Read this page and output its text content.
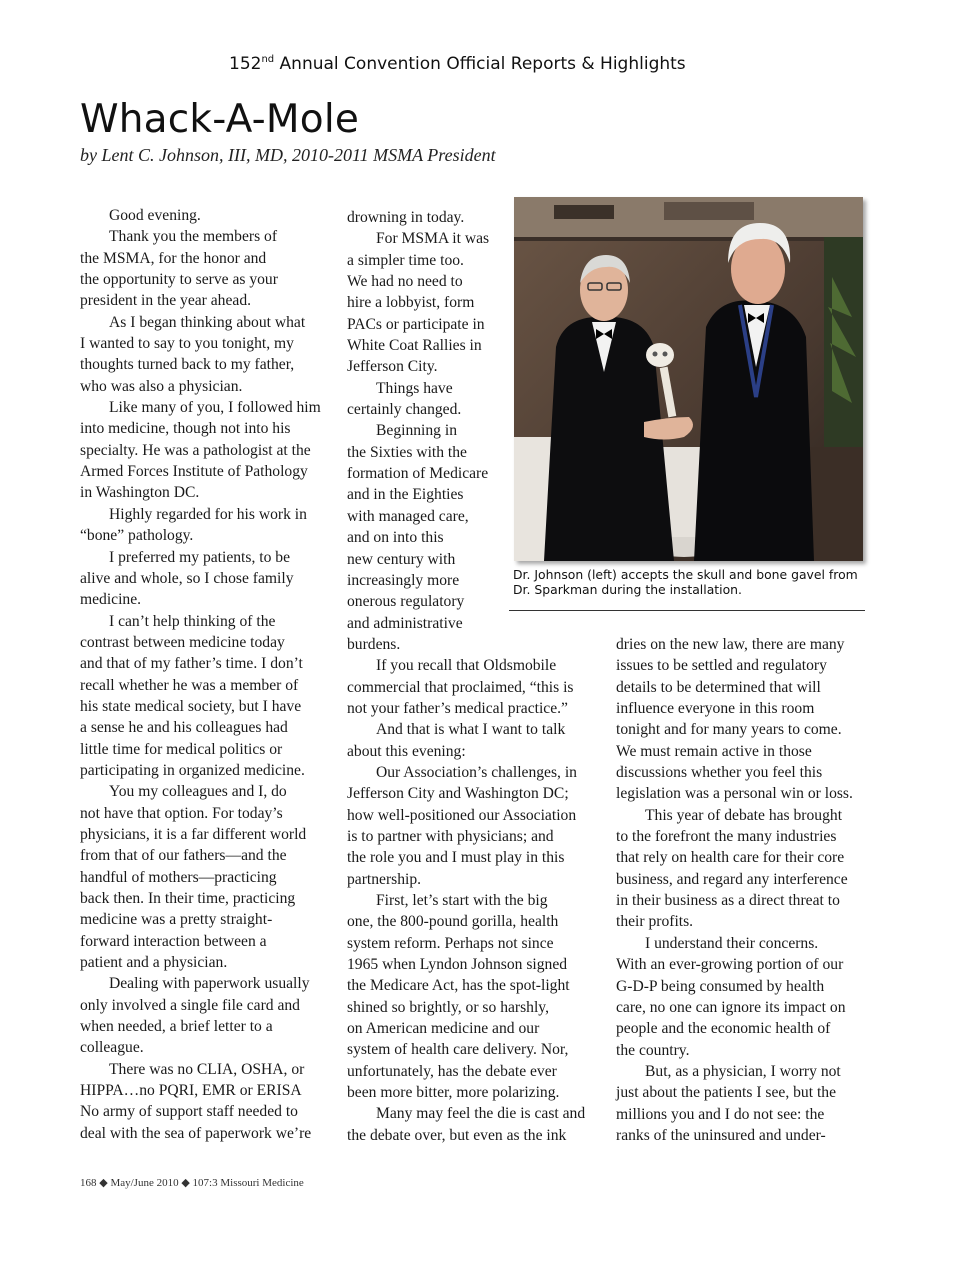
152nd Annual Convention Official Reports & Highlights
Whack-A-Mole
by Lent C. Johnson, III, MD, 2010-2011 MSMA President
Good evening.
Thank you the members of
the MSMA, for the honor and
the opportunity to serve as your
president in the year ahead.
As I began thinking about what
I wanted to say to you tonight, my
thoughts turned back to my father,
who was also a physician.
Like many of you, I followed him
into medicine, though not into his
specialty. He was a pathologist at the
Armed Forces Institute of Pathology
in Washington DC.
Highly regarded for his work in
“bone” pathology.
I preferred my patients, to be
alive and whole, so I chose family
medicine.
I can’t help thinking of the
contrast between medicine today
and that of my father’s time. I don’t
recall whether he was a member of
his state medical society, but I have
a sense he and his colleagues had
little time for medical politics or
participating in organized medicine.
You my colleagues and I, do
not have that option. For today’s
physicians, it is a far different world
from that of our fathers—and the
handful of mothers—practicing
back then. In their time, practicing
medicine was a pretty straight-
forward interaction between a
patient and a physician.
Dealing with paperwork usually
only involved a single file card and
when needed, a brief letter to a
colleague.
There was no CLIA, OSHA, or
HIPPA…no PQRI, EMR or ERISA
No army of support staff needed to
deal with the sea of paperwork we’re
drowning in today.
For MSMA it was
a simpler time too.
We had no need to
hire a lobbyist, form
PACs or participate in
White Coat Rallies in
Jefferson City.
Things have
certainly changed.
Beginning in
the Sixties with the
formation of Medicare
and in the Eighties
with managed care,
and on into this
new century with
increasingly more
onerous regulatory
and administrative
burdens.
If you recall that Oldsmobile
commercial that proclaimed, “this is
not your father’s medical practice.”
And that is what I want to talk
about this evening:
Our Association’s challenges, in
Jefferson City and Washington DC;
how well-positioned our Association
is to partner with physicians; and
the role you and I must play in this
partnership.
First, let’s start with the big
one, the 800-pound gorilla, health
system reform. Perhaps not since
1965 when Lyndon Johnson signed
the Medicare Act, has the spot-light
shined so brightly, or so harshly,
on American medicine and our
system of health care delivery. Nor,
unfortunately, has the debate ever
been more bitter, more polarizing.
Many may feel the die is cast and
the debate over, but even as the ink
dries on the new law, there are many
issues to be settled and regulatory
details to be determined that will
influence everyone in this room
tonight and for many years to come.
We must remain active in those
discussions whether you feel this
legislation was a personal win or loss.
This year of debate has brought
to the forefront the many industries
that rely on health care for their core
business, and regard any interference
in their business as a direct threat to
their profits.
I understand their concerns.
With an ever-growing portion of our
G-D-P being consumed by health
care, no one can ignore its impact on
people and the economic health of
the country.
But, as a physician, I worry not
just about the patients I see, but the
millions you and I do not see: the
ranks of the uninsured and under-
Dr. Johnson (left) accepts the skull and bone gavel from
Dr. Sparkman during the installation.
168 ◆ May/June 2010 ◆ 107:3 Missouri Medicine
